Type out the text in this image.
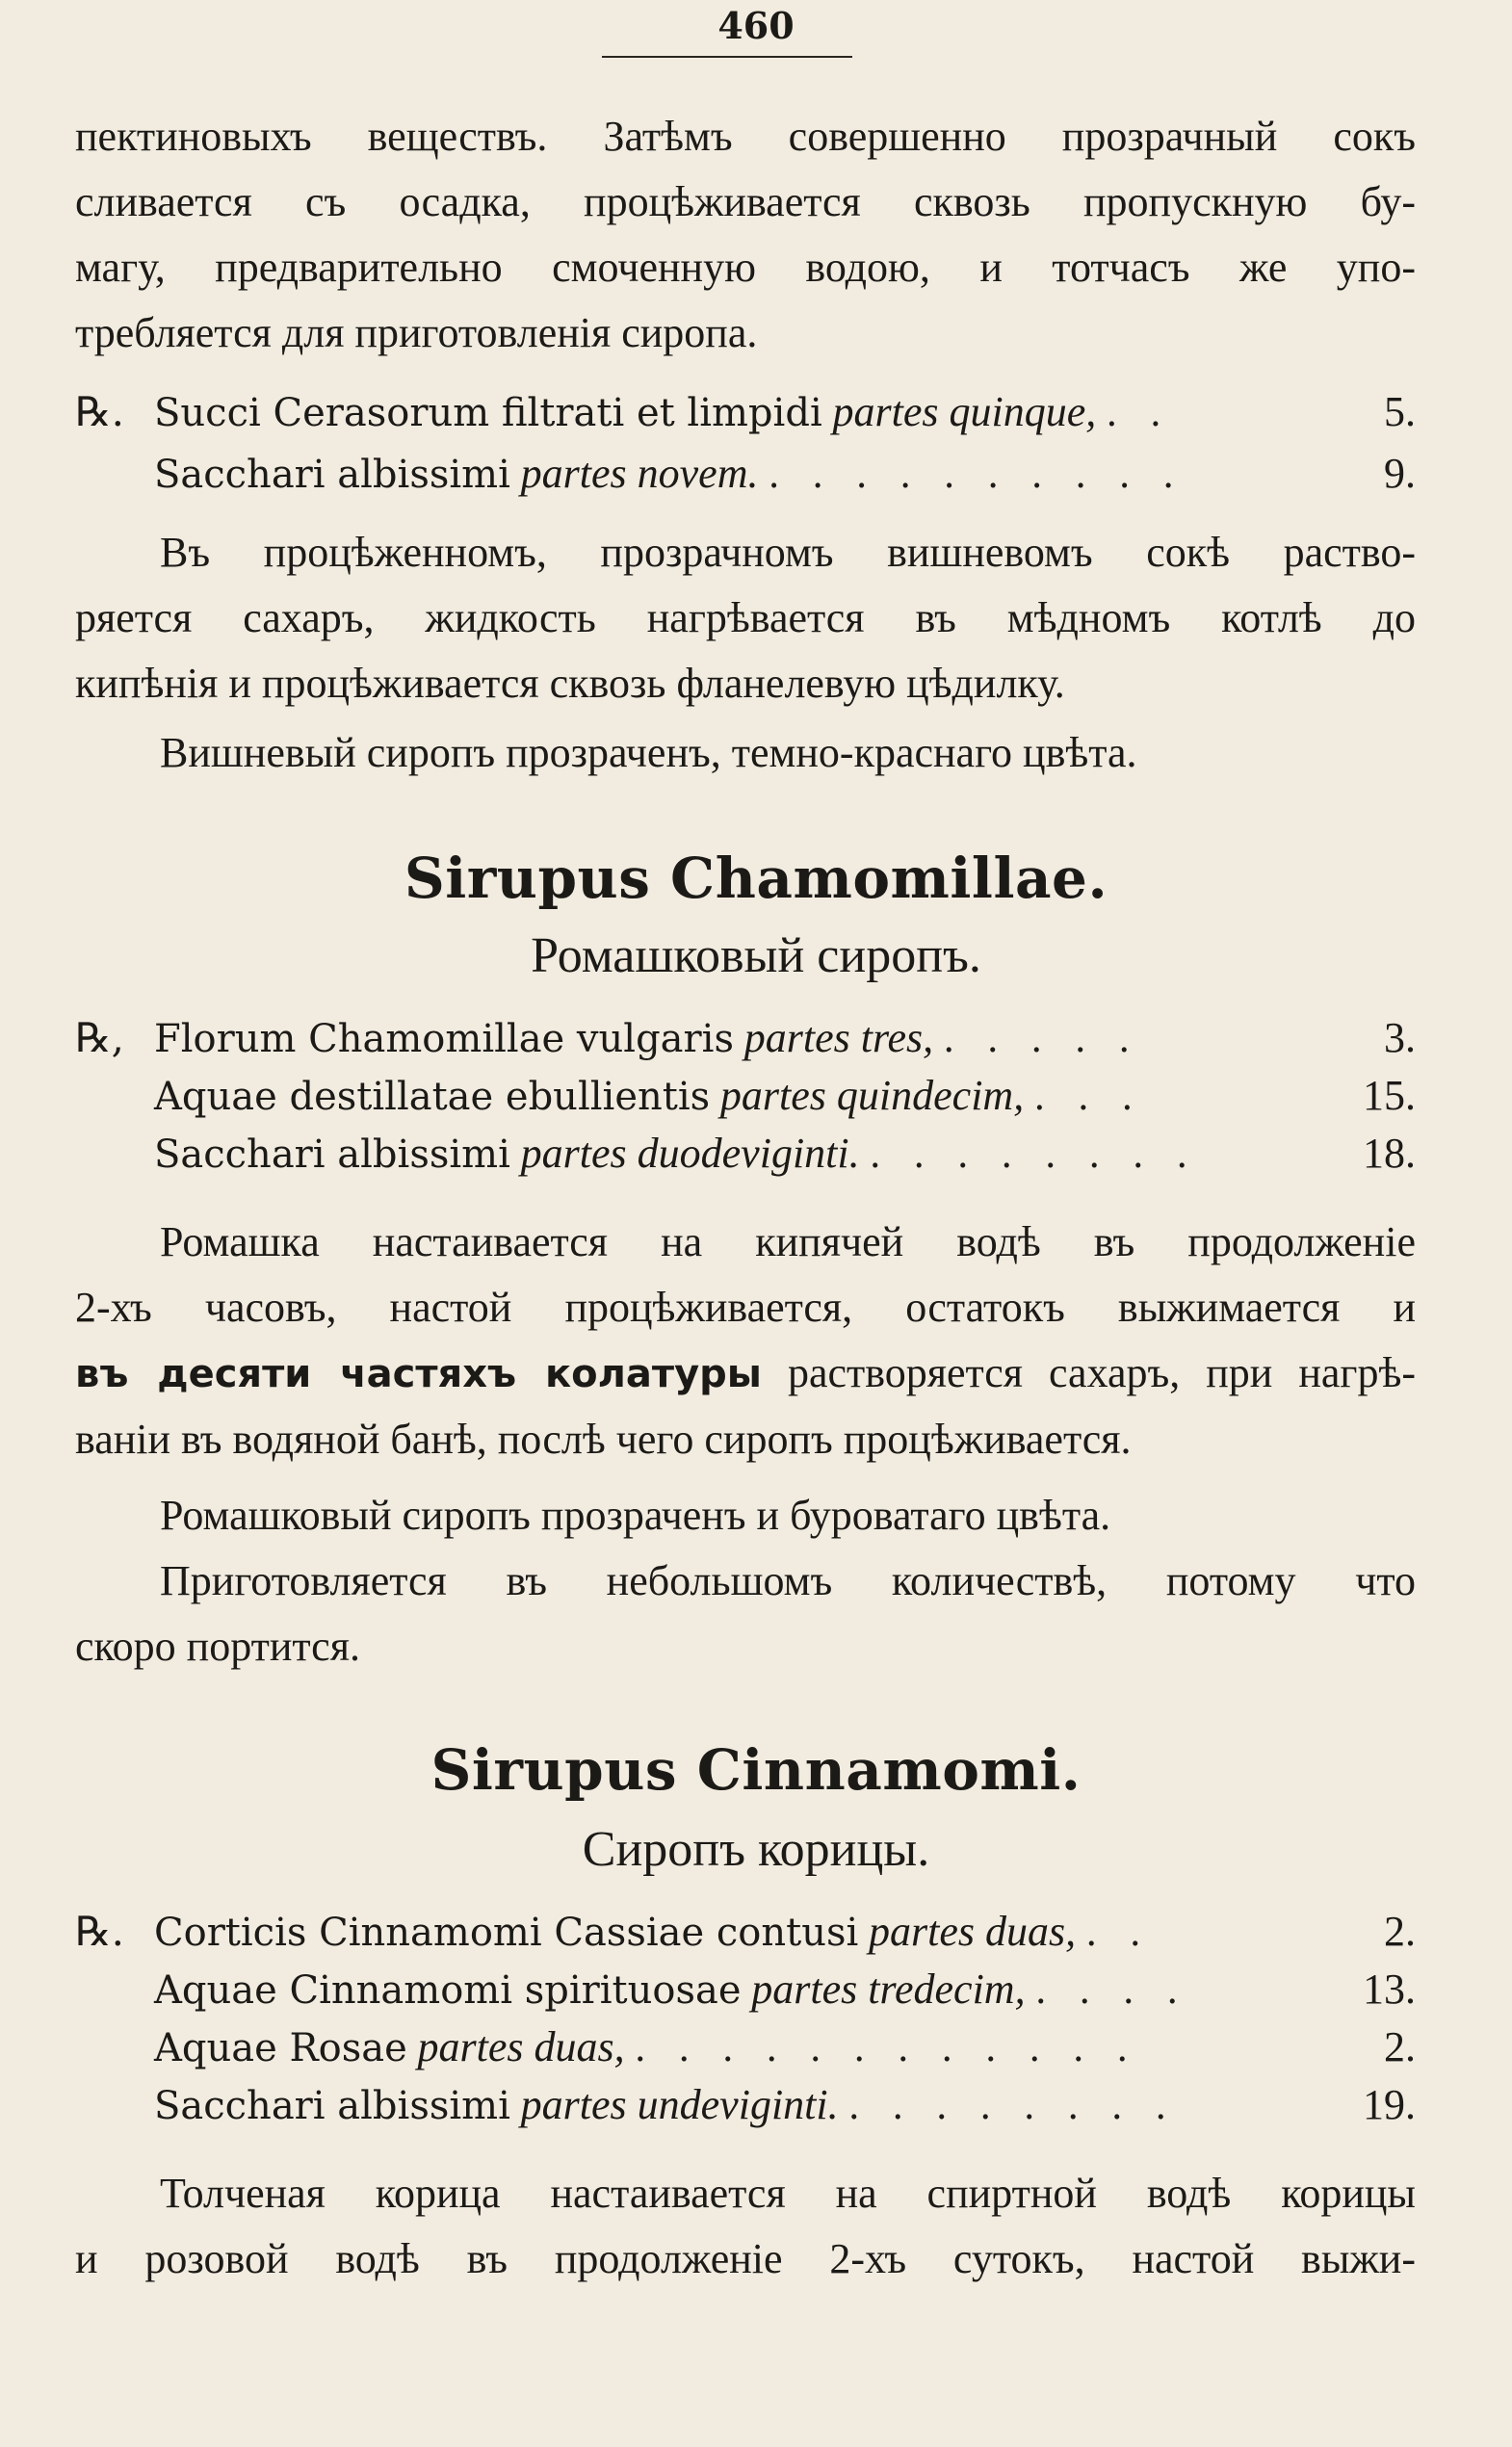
460
пектиновыхъ веществъ. Затѣмъ совершенно прозрачный сокъ
сливается съ осадка, процѣживается сквозь пропускную бу-
магу, предварительно смоченную водою, и тотчасъ же упо-
требляется для приготовленія сиропа.
℞. Succi Cerasorum filtrati et limpidi partes quinque, . .	5.
Sacchari albissimi partes novem. . . . . . . . . . .	9.
Въ процѣженномъ, прозрачномъ вишневомъ сокѣ раство-
ряется сахаръ, жидкость нагрѣвается въ мѣдномъ котлѣ до
кипѣнія и процѣживается сквозь фланелевую цѣдилку.
Вишневый сиропъ прозраченъ, темно-краснаго цвѣта.
Sirupus Chamomillae.
Ромашковый сиропъ.
℞, Florum Chamomillae vulgaris partes tres, . . . . .	3.
Aquae destillatae ebullientis partes quindecim, . . .	15.
Sacchari albissimi partes duodeviginti. . . . . . . . .	18.
Ромашка настаивается на кипячей водѣ въ продолженіе
2-хъ часовъ, настой процѣживается, остатокъ выжимается и
въ десяти частяхъ колатуры растворяется сахаръ, при нагрѣ-
ваніи въ водяной банѣ, послѣ чего сиропъ процѣживается.
Ромашковый сиропъ прозраченъ и буроватаго цвѣта.
Приготовляется въ небольшомъ количествѣ, потому что
скоро портится.
Sirupus Cinnamomi.
Сиропъ корицы.
℞. Corticis Cinnamomi Cassiae contusi partes duas, . .	2.
Aquae Cinnamomi spirituosae partes tredecim, . . . .	13.
Aquae Rosae partes duas, . . . . . . . . . . . .	2.
Sacchari albissimi partes undeviginti. . . . . . . . .	19.
Толченая корица настаивается на спиртной водѣ корицы
и розовой водѣ въ продолженіе 2-хъ сутокъ, настой выжи-
